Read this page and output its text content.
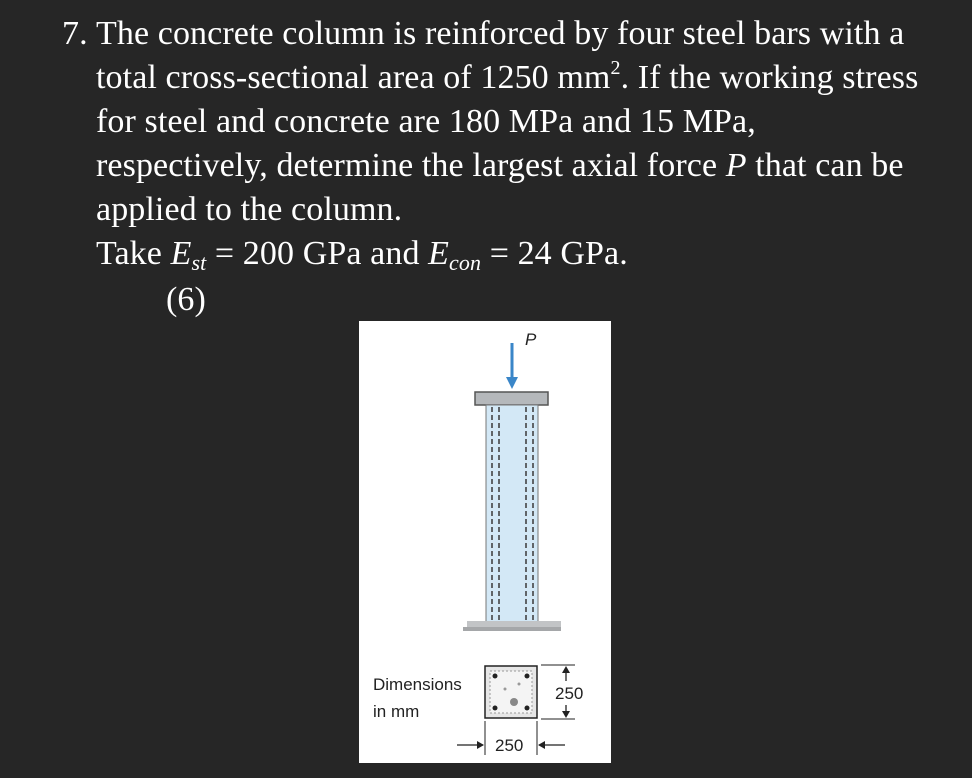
7. The concrete column is reinforced by four steel bars with a
total cross-sectional area of 1250 $mm^2$. If the working stress
for steel and concrete are 180 MPa and 15 MPa,
respectively, determine the largest axial force P that can be
applied to the column.
Take Est = 200 GPa and Econ = 24 GPa.
(6)
P
Dimensions
in mm
250
250
